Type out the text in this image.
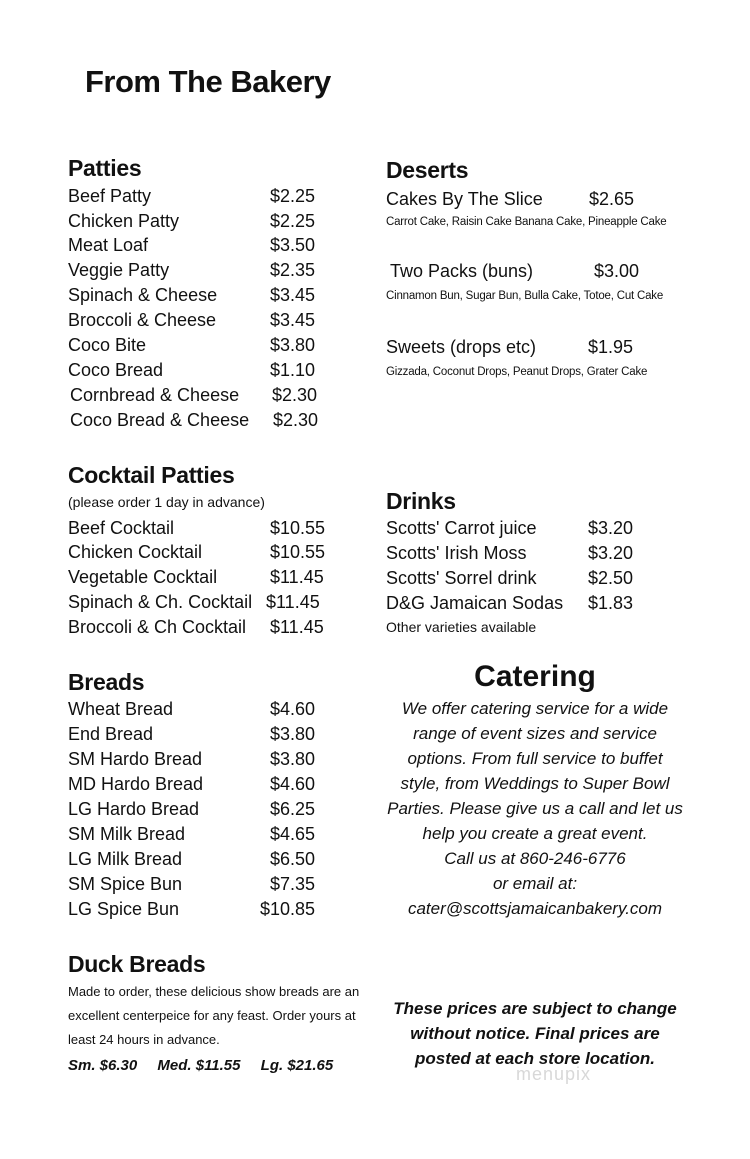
From The Bakery
Patties
Beef Patty	$2.25
Chicken Patty	$2.25
Meat Loaf	$3.50
Veggie Patty	$2.35
Spinach & Cheese	$3.45
Broccoli & Cheese	$3.45
Coco Bite	$3.80
Coco Bread	$1.10
Cornbread & Cheese $2.30
Coco Bread & Cheese $2.30
Cocktail Patties
(please order 1 day in advance)
Beef Cocktail	$10.55
Chicken Cocktail	$10.55
Vegetable Cocktail	$11.45
Spinach & Ch. Cocktail $11.45
Broccoli & Ch Cocktail $11.45
Breads
Wheat Bread	$4.60
End Bread	$3.80
SM Hardo Bread	$3.80
MD Hardo Bread	$4.60
LG Hardo Bread	$6.25
SM Milk Bread	$4.65
LG Milk Bread	$6.50
SM Spice Bun	$7.35
LG Spice Bun	$10.85
Duck Breads
Made to order, these delicious show breads are an excellent centerpeice for any feast. Order yours at least 24 hours in advance.
Sm. $6.30 Med. $11.55 Lg. $21.65
Deserts
Cakes By The Slice	$2.65
Carrot Cake, Raisin Cake Banana Cake, Pineapple Cake
Two Packs (buns)	$3.00
Cinnamon Bun, Sugar Bun, Bulla Cake, Totoe, Cut Cake
Sweets (drops etc)	$1.95
Gizzada, Coconut Drops, Peanut Drops, Grater Cake
Drinks
Scotts' Carrot juice	$3.20
Scotts' Irish Moss	$3.20
Scotts' Sorrel drink	$2.50
D&G Jamaican Sodas $1.83
Other varieties available
Catering
We offer catering service for a wide
range of event sizes and service
options. From full service to buffet
style, from Weddings to Super Bowl
Parties. Please give us a call and let us
help you create a great event.
Call us at 860-246-6776
or email at:
cater@scottsjamaicanbakery.com
These prices are subject to change
without notice. Final prices are
posted at each store location.
menupix
